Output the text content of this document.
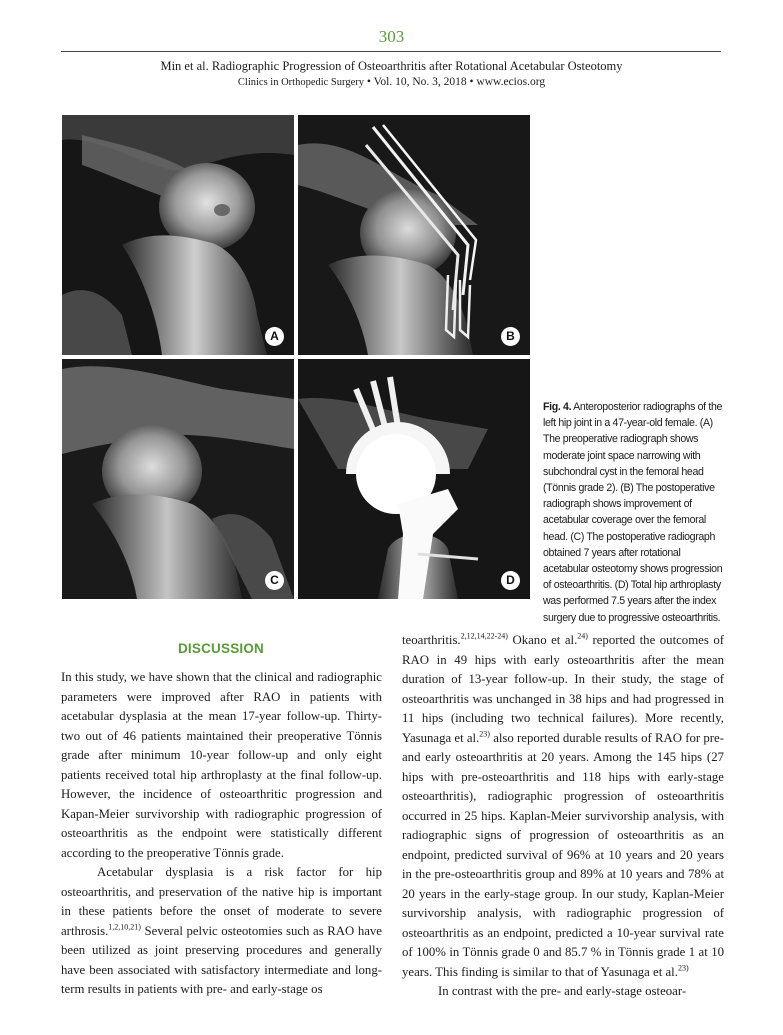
303
Min et al. Radiographic Progression of Osteoarthritis after Rotational Acetabular Osteotomy
Clinics in Orthopedic Surgery • Vol. 10, No. 3, 2018 • www.ecios.org
A	B
C	D
Fig. 4. Anteroposterior radiographs of the left hip joint in a 47-year-old female. (A) The preoperative radiograph shows moderate joint space narrowing with subchondral cyst in the femoral head (Tönnis grade 2). (B) The postoperative radiograph shows improvement of acetabular coverage over the femoral head. (C) The postoperative radiograph obtained 7 years after rotational acetabular osteotomy shows progression of osteoarthritis. (D) Total hip arthroplasty was performed 7.5 years after the index surgery due to progressive osteoarthritis.
DISCUSSION

In this study, we have shown that the clinical and radiographic parameters were improved after RAO in patients with acetabular dysplasia at the mean 17-year follow-up. Thirty-two out of 46 patients maintained their preoperative Tönnis grade after minimum 10-year follow-up and only eight patients received total hip arthroplasty at the final follow-up. However, the incidence of osteoarthritic progression and Kapan-Meier survivorship with radiographic progression of osteoarthritis as the endpoint were statistically different according to the preoperative Tönnis grade.

Acetabular dysplasia is a risk factor for hip osteoarthritis, and preservation of the native hip is important in these patients before the onset of moderate to severe arthrosis.$^{1,2,10,21)}$ Several pelvic osteotomies such as RAO have been utilized as joint preserving procedures and generally have been associated with satisfactory intermediate and long-term results in patients with pre- and early-stage os

teoarthritis.$^{2,12,14,22-24)}$ Okano et al.$^{24)}$ reported the outcomes of RAO in 49 hips with early osteoarthritis after the mean duration of 13-year follow-up. In their study, the stage of osteoarthritis was unchanged in 38 hips and had progressed in 11 hips (including two technical failures). More recently, Yasunaga et al.$^{23)}$ also reported durable results of RAO for pre- and early osteoarthritis at 20 years. Among the 145 hips (27 hips with pre-osteoarthritis and 118 hips with early-stage osteoarthritis), radiographic progression of osteoarthritis occurred in 25 hips. Kaplan-Meier survivorship analysis, with radiographic signs of progression of osteoarthritis as an endpoint, predicted survival of 96% at 10 years and 20 years in the pre-osteoarthritis group and 89% at 10 years and 78% at 20 years in the early-stage group. In our study, Kaplan-Meier survivorship analysis, with radiographic progression of osteoarthritis as an endpoint, predicted a 10-year survival rate of 100% in Tönnis grade 0 and 85.7 % in Tönnis grade 1 at 10 years. This finding is similar to that of Yasunaga et al.$^{23)}$

In contrast with the pre- and early-stage osteoar-
